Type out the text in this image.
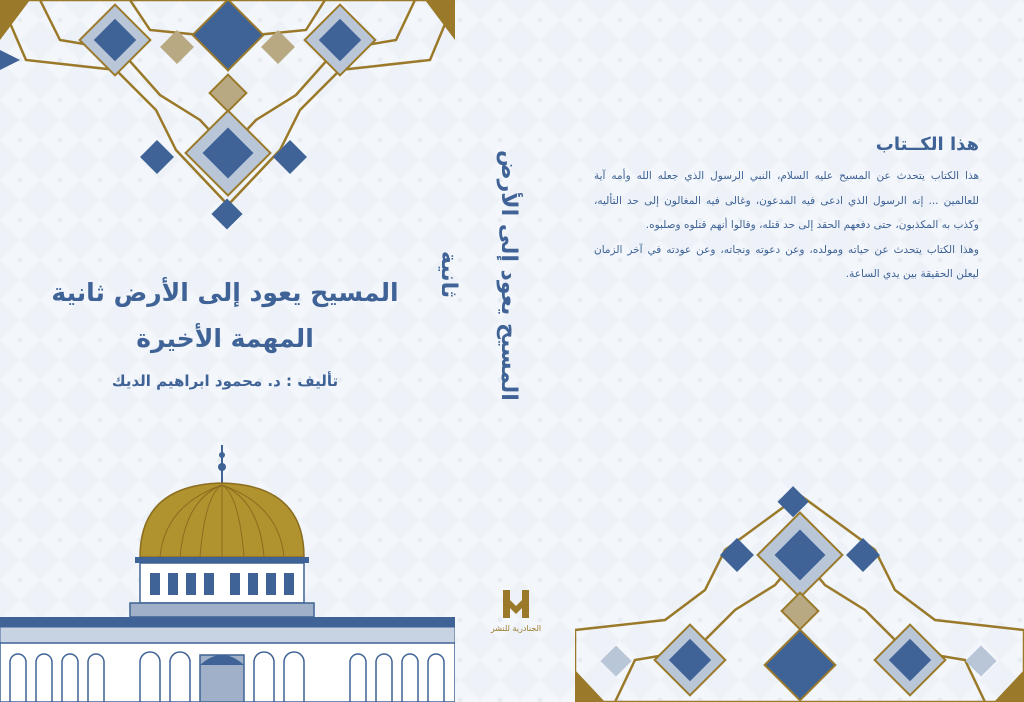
المسيح يعود إلى الأرض ثانية
المهمة الأخيرة
تأليف : د. محمود ابراهيم الديك	المسيح يعود إلى الأرض ثانية
الجنادرية للنشر
هذا الكــتاب

هذا الكتاب يتحدث عن المسيح عليه السلام، النبي الرسول الذي جعله الله وأمه آية للعالمين ... إنه الرسول الذي ادعى فيه المدعون، وغالى فيه المغالون إلى حد التأليه، وكذب به المكذبون، حتى دفعهم الحقد إلى حد قتله، وقالوا أنهم قتلوه وصلبوه.

وهذا الكتاب يتحدث عن حياته ومولده، وعن دعوته ونجاته، وعن عودته في آخر الزمان ليعلن الحقيقة بين يدي الساعة.
